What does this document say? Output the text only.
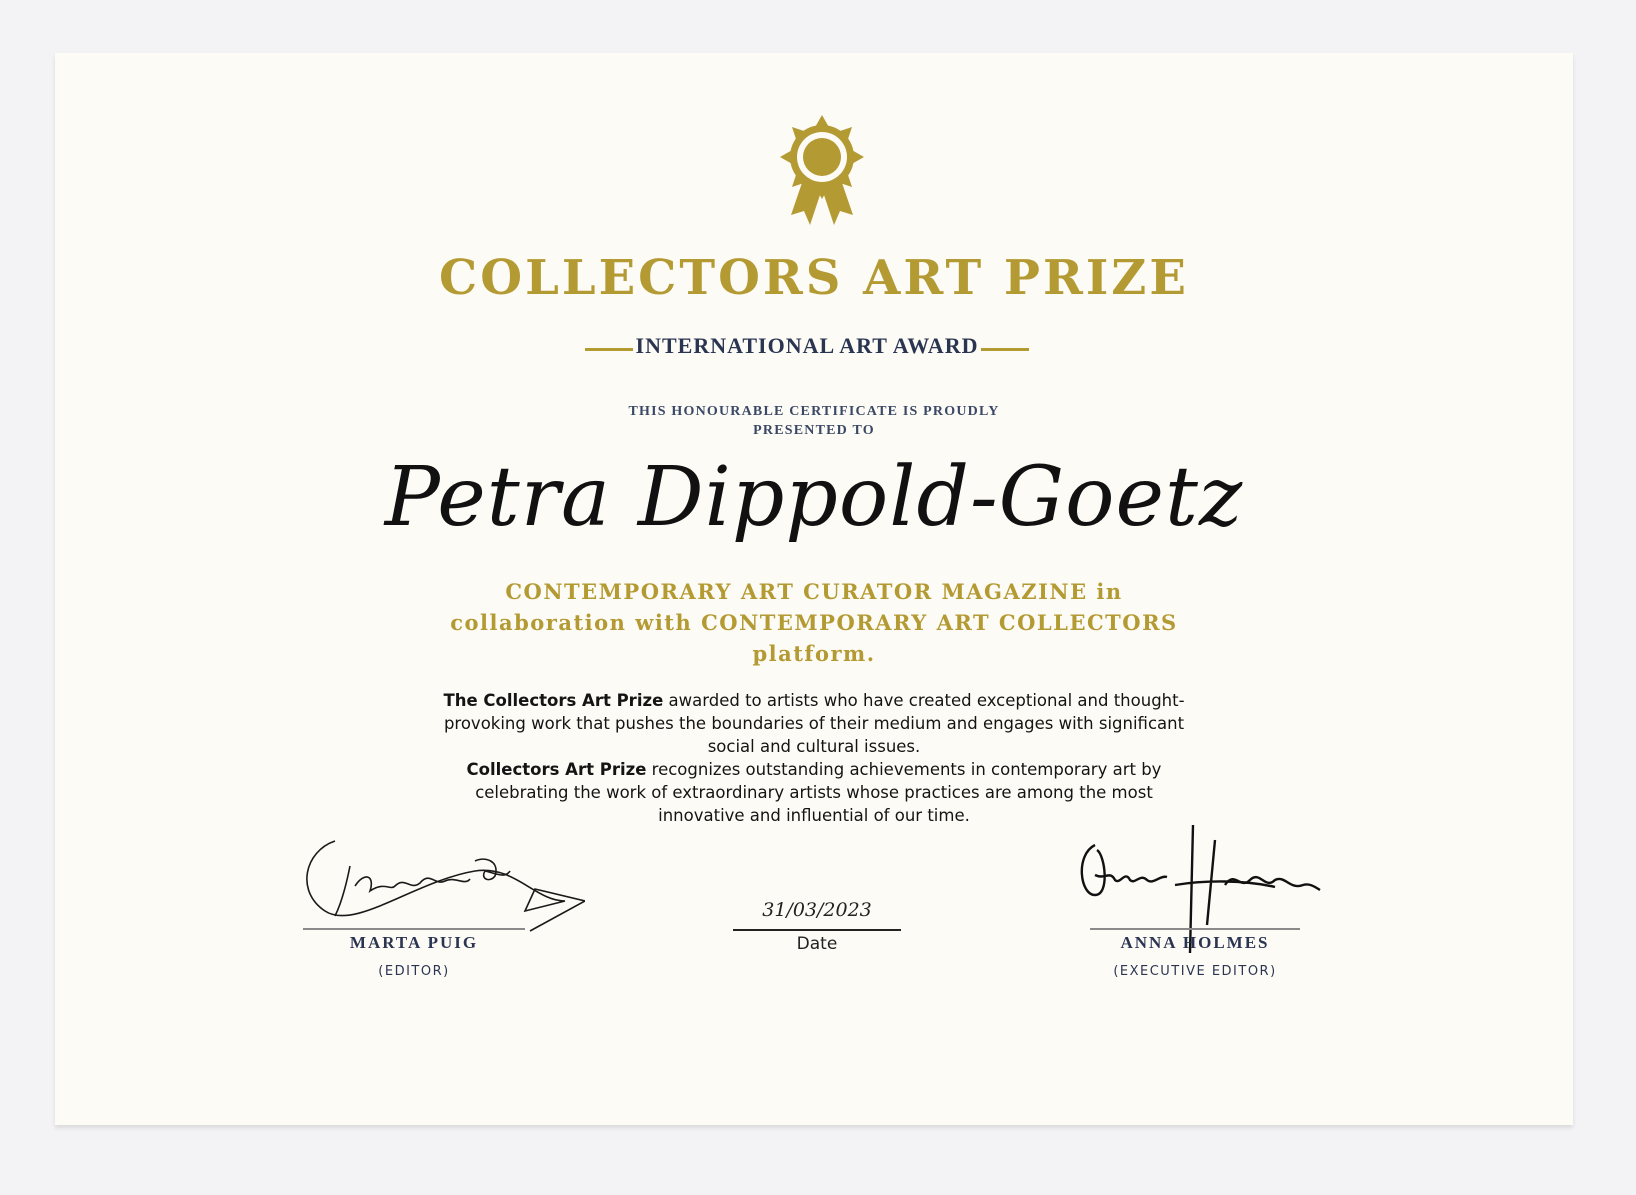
COLLECTORS ART PRIZE
INTERNATIONAL ART AWARD
THIS HONOURABLE CERTIFICATE IS PROUDLY PRESENTED TO
Petra Dippold-Goetz
CONTEMPORARY ART CURATOR MAGAZINE in collaboration with CONTEMPORARY ART COLLECTORS platform.
The Collectors Art Prize awarded to artists who have created exceptional and thought-provoking work that pushes the boundaries of their medium and engages with significant social and cultural issues.
Collectors Art Prize recognizes outstanding achievements in contemporary art by celebrating the work of extraordinary artists whose practices are among the most innovative and influential of our time.
MARTA PUIG
(EDITOR)
31/03/2023
Date	ANNA HOLMES
(EXECUTIVE EDITOR)
